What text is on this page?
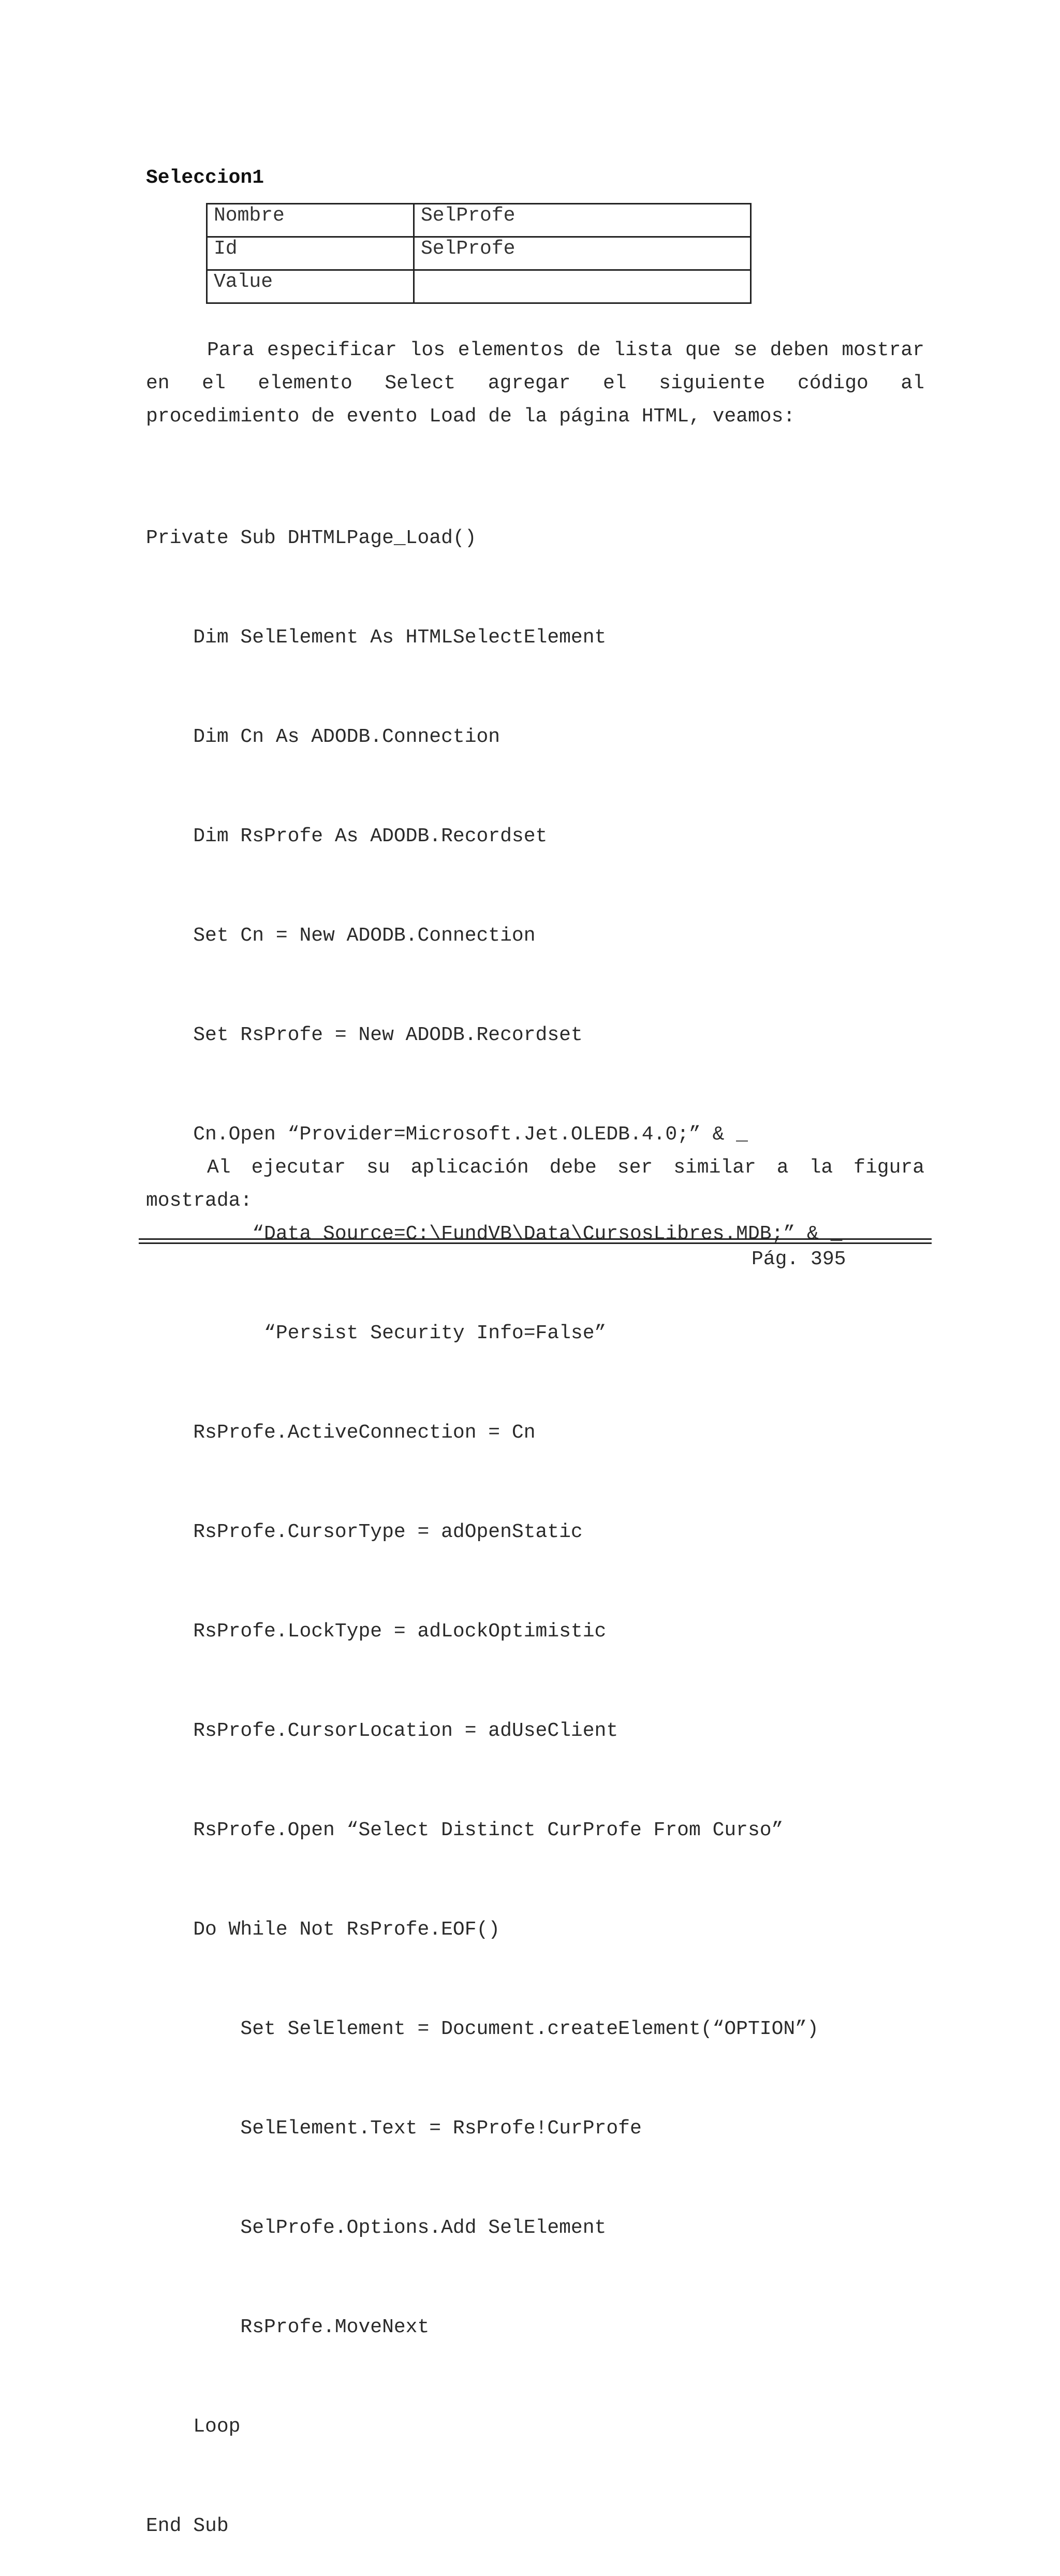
Seleccion1
Nombre	SelProfe
Id	SelProfe
Value	

Para especificar los elementos de lista que se deben mostrar en el elemento Select agregar el siguiente código al procedimiento de evento Load de la página HTML, veamos:

Private Sub DHTMLPage_Load()

Dim SelElement As HTMLSelectElement

Dim Cn As ADODB.Connection

Dim RsProfe As ADODB.Recordset

Set Cn = New ADODB.Connection

Set RsProfe = New ADODB.Recordset

Cn.Open “Provider=Microsoft.Jet.OLEDB.4.0;” & _

“Data Source=C:\FundVB\Data\CursosLibres.MDB;” & _

“Persist Security Info=False”

RsProfe.ActiveConnection = Cn

RsProfe.CursorType = adOpenStatic

RsProfe.LockType = adLockOptimistic

RsProfe.CursorLocation = adUseClient

RsProfe.Open “Select Distinct CurProfe From Curso”

Do While Not RsProfe.EOF()

Set SelElement = Document.createElement(“OPTION”)

SelElement.Text = RsProfe!CurProfe

SelProfe.Options.Add SelElement

RsProfe.MoveNext

Loop

End Sub

Al ejecutar su aplicación debe ser similar a la figura mostrada:

Pág. 395
